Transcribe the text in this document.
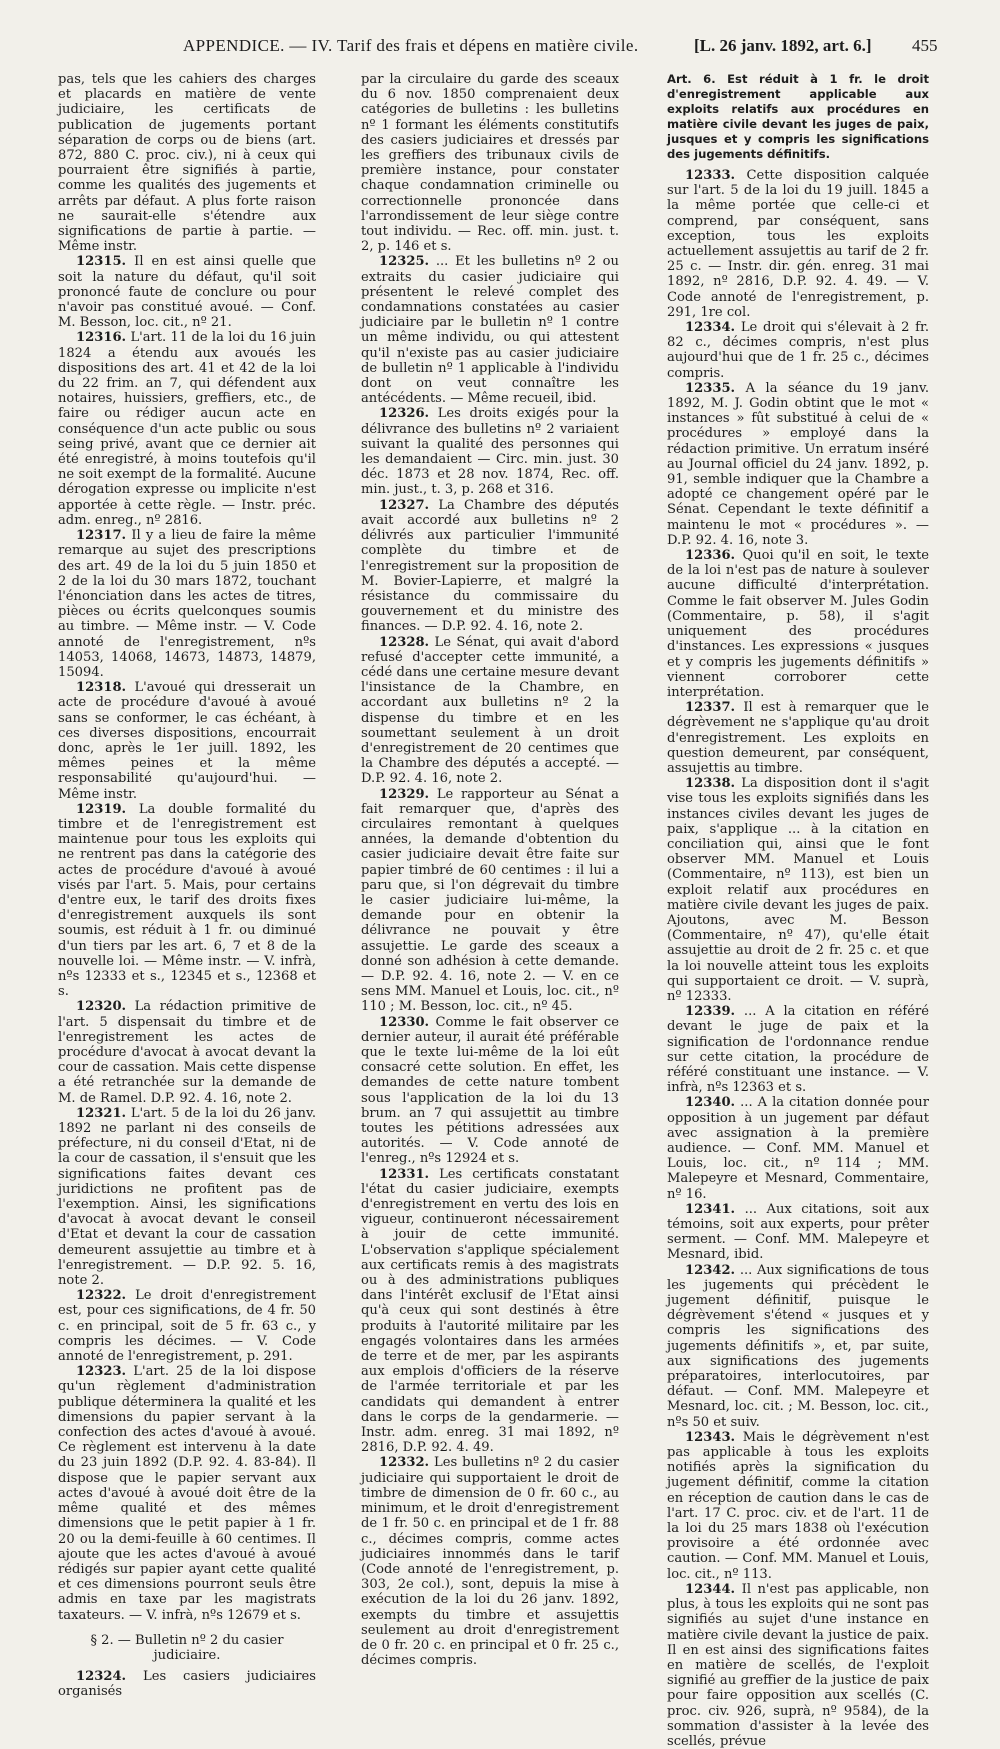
APPENDICE. — IV. Tarif des frais et dépens en matière civile.	[L. 26 janv. 1892, art. 6.] 455

pas, tels que les cahiers des charges et placards en matière de vente judiciaire, les certificats de publication de jugements portant séparation de corps ou de biens (art. 872, 880 C. proc. civ.), ni à ceux qui pourraient être signifiés à partie, comme les qualités des jugements et arrêts par défaut. A plus forte raison ne saurait-elle s'étendre aux significations de partie à partie. — Même instr.

12315. Il en est ainsi quelle que soit la nature du défaut, qu'il soit prononcé faute de conclure ou pour n'avoir pas constitué avoué. — Conf. M. Besson, loc. cit., nº 21.

12316. L'art. 11 de la loi du 16 juin 1824 a étendu aux avoués les dispositions des art. 41 et 42 de la loi du 22 frim. an 7, qui défendent aux notaires, huissiers, greffiers, etc., de faire ou rédiger aucun acte en conséquence d'un acte public ou sous seing privé, avant que ce dernier ait été enregistré, à moins toutefois qu'il ne soit exempt de la formalité. Aucune dérogation expresse ou implicite n'est apportée à cette règle. — Instr. préc. adm. enreg., nº 2816.

12317. Il y a lieu de faire la même remarque au sujet des prescriptions des art. 49 de la loi du 5 juin 1850 et 2 de la loi du 30 mars 1872, touchant l'énonciation dans les actes de titres, pièces ou écrits quelconques soumis au timbre. — Même instr. — V. Code annoté de l'enregistrement, nºs 14053, 14068, 14673, 14873, 14879, 15094.

12318. L'avoué qui dresserait un acte de procédure d'avoué à avoué sans se conformer, le cas échéant, à ces diverses dispositions, encourrait donc, après le 1er juill. 1892, les mêmes peines et la même responsabilité qu'aujourd'hui. — Même instr.

12319. La double formalité du timbre et de l'enregistrement est maintenue pour tous les exploits qui ne rentrent pas dans la catégorie des actes de procédure d'avoué à avoué visés par l'art. 5. Mais, pour certains d'entre eux, le tarif des droits fixes d'enregistrement auxquels ils sont soumis, est réduit à 1 fr. ou diminué d'un tiers par les art. 6, 7 et 8 de la nouvelle loi. — Même instr. — V. infrà, nºs 12333 et s., 12345 et s., 12368 et s.

12320. La rédaction primitive de l'art. 5 dispensait du timbre et de l'enregistrement les actes de procédure d'avocat à avocat devant la cour de cassation. Mais cette dispense a été retranchée sur la demande de M. de Ramel. D.P. 92. 4. 16, note 2.

12321. L'art. 5 de la loi du 26 janv. 1892 ne parlant ni des conseils de préfecture, ni du conseil d'Etat, ni de la cour de cassation, il s'ensuit que les significations faites devant ces juridictions ne profitent pas de l'exemption. Ainsi, les significations d'avocat à avocat devant le conseil d'Etat et devant la cour de cassation demeurent assujettie au timbre et à l'enregistrement. — D.P. 92. 5. 16, note 2.

12322. Le droit d'enregistrement est, pour ces significations, de 4 fr. 50 c. en principal, soit de 5 fr. 63 c., y compris les décimes. — V. Code annoté de l'enregistrement, p. 291.

12323. L'art. 25 de la loi dispose qu'un règlement d'administration publique déterminera la qualité et les dimensions du papier servant à la confection des actes d'avoué à avoué. Ce règlement est intervenu à la date du 23 juin 1892 (D.P. 92. 4. 83-84). Il dispose que le papier servant aux actes d'avoué à avoué doit être de la même qualité et des mêmes dimensions que le petit papier à 1 fr. 20 ou la demi-feuille à 60 centimes. Il ajoute que les actes d'avoué à avoué rédigés sur papier ayant cette qualité et ces dimensions pourront seuls être admis en taxe par les magistrats taxateurs. — V. infrà, nºs 12679 et s.

§ 2. — Bulletin nº 2 du casier judiciaire.

12324. Les casiers judiciaires organisés

par la circulaire du garde des sceaux du 6 nov. 1850 comprenaient deux catégories de bulletins : les bulletins nº 1 formant les éléments constitutifs des casiers judiciaires et dressés par les greffiers des tribunaux civils de première instance, pour constater chaque condamnation criminelle ou correctionnelle prononcée dans l'arrondissement de leur siège contre tout individu. — Rec. off. min. just. t. 2, p. 146 et s.

12325. ... Et les bulletins nº 2 ou extraits du casier judiciaire qui présentent le relevé complet des condamnations constatées au casier judiciaire par le bulletin nº 1 contre un même individu, ou qui attestent qu'il n'existe pas au casier judiciaire de bulletin nº 1 applicable à l'individu dont on veut connaître les antécédents. — Même recueil, ibid.

12326. Les droits exigés pour la délivrance des bulletins nº 2 variaient suivant la qualité des personnes qui les demandaient — Circ. min. just. 30 déc. 1873 et 28 nov. 1874, Rec. off. min. just., t. 3, p. 268 et 316.

12327. La Chambre des députés avait accordé aux bulletins nº 2 délivrés aux particulier l'immunité complète du timbre et de l'enregistrement sur la proposition de M. Bovier-Lapierre, et malgré la résistance du commissaire du gouvernement et du ministre des finances. — D.P. 92. 4. 16, note 2.

12328. Le Sénat, qui avait d'abord refusé d'accepter cette immunité, a cédé dans une certaine mesure devant l'insistance de la Chambre, en accordant aux bulletins nº 2 la dispense du timbre et en les soumettant seulement à un droit d'enregistrement de 20 centimes que la Chambre des députés a accepté. — D.P. 92. 4. 16, note 2.

12329. Le rapporteur au Sénat a fait remarquer que, d'après des circulaires remontant à quelques années, la demande d'obtention du casier judiciaire devait être faite sur papier timbré de 60 centimes : il lui a paru que, si l'on dégrevait du timbre le casier judiciaire lui-même, la demande pour en obtenir la délivrance ne pouvait y être assujettie. Le garde des sceaux a donné son adhésion à cette demande. — D.P. 92. 4. 16, note 2. — V. en ce sens MM. Manuel et Louis, loc. cit., nº 110 ; M. Besson, loc. cit., nº 45.

12330. Comme le fait observer ce dernier auteur, il aurait été préférable que le texte lui-même de la loi eût consacré cette solution. En effet, les demandes de cette nature tombent sous l'application de la loi du 13 brum. an 7 qui assujettit au timbre toutes les pétitions adressées aux autorités. — V. Code annoté de l'enreg., nºs 12924 et s.

12331. Les certificats constatant l'état du casier judiciaire, exempts d'enregistrement en vertu des lois en vigueur, continueront nécessairement à jouir de cette immunité. L'observation s'applique spécialement aux certificats remis à des magistrats ou à des administrations publiques dans l'intérêt exclusif de l'Etat ainsi qu'à ceux qui sont destinés à être produits à l'autorité militaire par les engagés volontaires dans les armées de terre et de mer, par les aspirants aux emplois d'officiers de la réserve de l'armée territoriale et par les candidats qui demandent à entrer dans le corps de la gendarmerie. — Instr. adm. enreg. 31 mai 1892, nº 2816, D.P. 92. 4. 49.

12332. Les bulletins nº 2 du casier judiciaire qui supportaient le droit de timbre de dimension de 0 fr. 60 c., au minimum, et le droit d'enregistrement de 1 fr. 50 c. en principal et de 1 fr. 88 c., décimes compris, comme actes judiciaires innommés dans le tarif (Code annoté de l'enregistrement, p. 303, 2e col.), sont, depuis la mise à exécution de la loi du 26 janv. 1892, exempts du timbre et assujettis seulement au droit d'enregistrement de 0 fr. 20 c. en principal et 0 fr. 25 c., décimes compris.

Art. 6. Est réduit à 1 fr. le droit d'enregistrement applicable aux exploits relatifs aux procédures en matière civile devant les juges de paix, jusques et y compris les significations des jugements définitifs.

12333. Cette disposition calquée sur l'art. 5 de la loi du 19 juill. 1845 a la même portée que celle-ci et comprend, par conséquent, sans exception, tous les exploits actuellement assujettis au tarif de 2 fr. 25 c. — Instr. dir. gén. enreg. 31 mai 1892, nº 2816, D.P. 92. 4. 49. — V. Code annoté de l'enregistrement, p. 291, 1re col.

12334. Le droit qui s'élevait à 2 fr. 82 c., décimes compris, n'est plus aujourd'hui que de 1 fr. 25 c., décimes compris.

12335. A la séance du 19 janv. 1892, M. J. Godin obtint que le mot « instances » fût substitué à celui de « procédures » employé dans la rédaction primitive. Un erratum inséré au Journal officiel du 24 janv. 1892, p. 91, semble indiquer que la Chambre a adopté ce changement opéré par le Sénat. Cependant le texte définitif a maintenu le mot « procédures ». — D.P. 92. 4. 16, note 3.

12336. Quoi qu'il en soit, le texte de la loi n'est pas de nature à soulever aucune difficulté d'interprétation. Comme le fait observer M. Jules Godin (Commentaire, p. 58), il s'agit uniquement des procédures d'instances. Les expressions « jusques et y compris les jugements définitifs » viennent corroborer cette interprétation.

12337. Il est à remarquer que le dégrèvement ne s'applique qu'au droit d'enregistrement. Les exploits en question demeurent, par conséquent, assujettis au timbre.

12338. La disposition dont il s'agit vise tous les exploits signifiés dans les instances civiles devant les juges de paix, s'applique ... à la citation en conciliation qui, ainsi que le font observer MM. Manuel et Louis (Commentaire, nº 113), est bien un exploit relatif aux procédures en matière civile devant les juges de paix. Ajoutons, avec M. Besson (Commentaire, nº 47), qu'elle était assujettie au droit de 2 fr. 25 c. et que la loi nouvelle atteint tous les exploits qui supportaient ce droit. — V. suprà, nº 12333.

12339. ... A la citation en référé devant le juge de paix et la signification de l'ordonnance rendue sur cette citation, la procédure de référé constituant une instance. — V. infrà, nºs 12363 et s.

12340. ... A la citation donnée pour opposition à un jugement par défaut avec assignation à la première audience. — Conf. MM. Manuel et Louis, loc. cit., nº 114 ; MM. Malepeyre et Mesnard, Commentaire, nº 16.

12341. ... Aux citations, soit aux témoins, soit aux experts, pour prêter serment. — Conf. MM. Malepeyre et Mesnard, ibid.

12342. ... Aux significations de tous les jugements qui précèdent le jugement définitif, puisque le dégrèvement s'étend « jusques et y compris les significations des jugements définitifs », et, par suite, aux significations des jugements préparatoires, interlocutoires, par défaut. — Conf. MM. Malepeyre et Mesnard, loc. cit. ; M. Besson, loc. cit., nºs 50 et suiv.

12343. Mais le dégrèvement n'est pas applicable à tous les exploits notifiés après la signification du jugement définitif, comme la citation en réception de caution dans le cas de l'art. 17 C. proc. civ. et de l'art. 11 de la loi du 25 mars 1838 où l'exécution provisoire a été ordonnée avec caution. — Conf. MM. Manuel et Louis, loc. cit., nº 113.

12344. Il n'est pas applicable, non plus, à tous les exploits qui ne sont pas signifiés au sujet d'une instance en matière civile devant la justice de paix. Il en est ainsi des significations faites en matière de scellés, de l'exploit signifié au greffier de la justice de paix pour faire opposition aux scellés (C. proc. civ. 926, suprà, nº 9584), de la sommation d'assister à la levée des scellés, prévue
